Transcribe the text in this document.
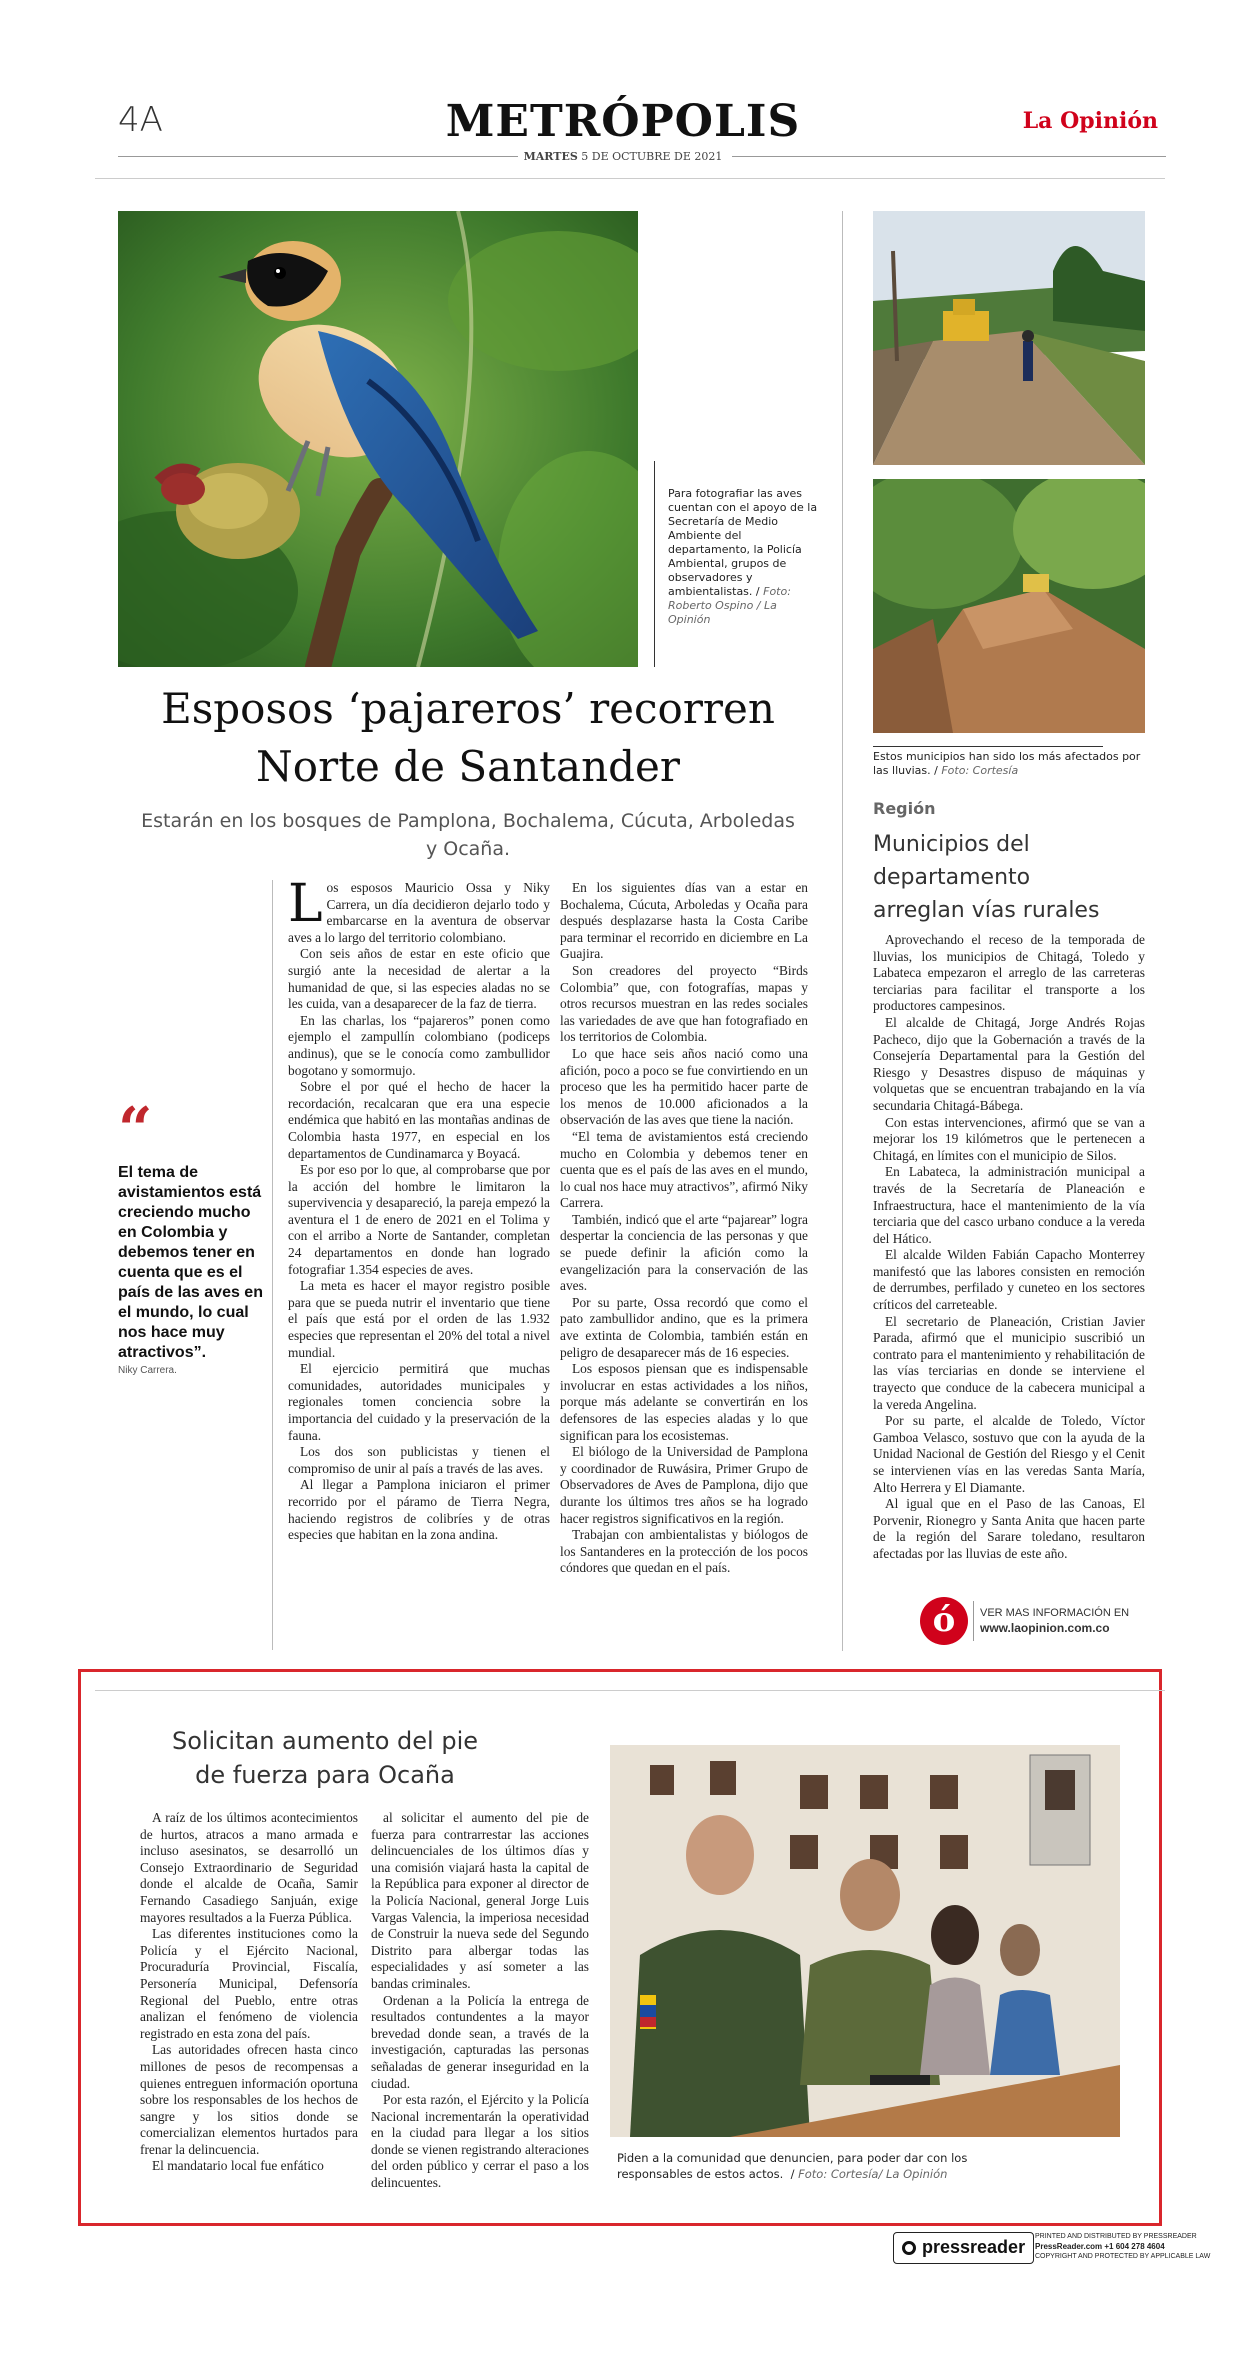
4A	METRÓPOLIS	La Opinión
MARTES 5 DE OCTUBRE DE 2021
Para fotografiar las aves cuentan con el apoyo de la Secretaría de Medio Ambiente del departamento, la Policía Ambiental, grupos de observadores y ambientalistas. / Foto: Roberto Ospino / La Opinión
Esposos ‘pajareros’ recorren
Norte de Santander
Estarán en los bosques de Pamplona, Bochalema, Cúcuta, Arboledas
y Ocaña.
“
El tema de avistamientos está creciendo mucho en Colombia y debemos tener en cuenta que es el país de las aves en el mundo, lo cual nos hace muy atractivos”.
Niky Carrera.

Los esposos Mauricio Ossa y Niky Carrera, un día decidieron dejarlo todo y embarcarse en la aventura de observar aves a lo largo del territorio colombiano.

Con seis años de estar en este oficio que surgió ante la necesidad de alertar a la humanidad de que, si las especies aladas no se les cuida, van a desaparecer de la faz de tierra.

En las charlas, los “pajareros” ponen como ejemplo el zampullín colombiano (podiceps andinus), que se le conocía como zambullidor bogotano y somormujo.

Sobre el por qué el hecho de hacer la recordación, recalcaran que era una especie endémica que habitó en las montañas andinas de Colombia hasta 1977, en especial en los departamentos de Cundinamarca y Boyacá.

Es por eso por lo que, al comprobarse que por la acción del hombre le limitaron la supervivencia y desapareció, la pareja empezó la aventura el 1 de enero de 2021 en el Tolima y con el arribo a Norte de Santander, completan 24 departamentos en donde han logrado fotografiar 1.354 especies de aves.

La meta es hacer el mayor registro posible para que se pueda nutrir el inventario que tiene el país que está por el orden de las 1.932 especies que representan el 20% del total a nivel mundial.

El ejercicio permitirá que muchas comunidades, autoridades municipales y regionales tomen conciencia sobre la importancia del cuidado y la preservación de la fauna.

Los dos son publicistas y tienen el compromiso de unir al país a través de las aves.

Al llegar a Pamplona iniciaron el primer recorrido por el páramo de Tierra Negra, haciendo registros de colibríes y de otras especies que habitan en la zona andina.

En los siguientes días van a estar en Bochalema, Cúcuta, Arboledas y Ocaña para después desplazarse hasta la Costa Caribe para terminar el recorrido en diciembre en La Guajira.

Son creadores del proyecto “Birds Colombia” que, con fotografías, mapas y otros recursos muestran en las redes sociales las variedades de ave que han fotografiado en los territorios de Colombia.

Lo que hace seis años nació como una afición, poco a poco se fue convirtiendo en un proceso que les ha permitido hacer parte de los menos de 10.000 aficionados a la observación de las aves que tiene la nación.

“El tema de avistamientos está creciendo mucho en Colombia y debemos tener en cuenta que es el país de las aves en el mundo, lo cual nos hace muy atractivos”, afirmó Niky Carrera.

También, indicó que el arte “pajarear” logra despertar la conciencia de las personas y que se puede definir la afición como la evangelización para la conservación de las aves.

Por su parte, Ossa recordó que como el pato zambullidor andino, que es la primera ave extinta de Colombia, también están en peligro de desaparecer más de 16 especies.

Los esposos piensan que es indispensable involucrar en estas actividades a los niños, porque más adelante se convertirán en los defensores de las especies aladas y lo que significan para los ecosistemas.

El biólogo de la Universidad de Pamplona y coordinador de Ruwásira, Primer Grupo de Observadores de Aves de Pamplona, dijo que durante los últimos tres años se ha logrado hacer registros significativos en la región.

Trabajan con ambientalistas y biólogos de los Santanderes en la protección de los pocos cóndores que quedan en el país.

Estos municipios han sido los más afectados por las lluvias. / Foto: Cortesía
Región
Municipios del
departamento
arreglan vías rurales

Aprovechando el receso de la temporada de lluvias, los municipios de Chitagá, Toledo y Labateca empezaron el arreglo de las carreteras terciarias para facilitar el transporte a los productores campesinos.

El alcalde de Chitagá, Jorge Andrés Rojas Pacheco, dijo que la Gobernación a través de la Consejería Departamental para la Gestión del Riesgo y Desastres dispuso de máquinas y volquetas que se encuentran trabajando en la vía secundaria Chitagá-Bábega.

Con estas intervenciones, afirmó que se van a mejorar los 19 kilómetros que le pertenecen a Chitagá, en límites con el municipio de Silos.

En Labateca, la administración municipal a través de la Secretaría de Planeación e Infraestructura, hace el mantenimiento de la vía terciaria que del casco urbano conduce a la vereda del Hático.

El alcalde Wilden Fabián Capacho Monterrey manifestó que las labores consisten en remoción de derrumbes, perfilado y cuneteo en los sectores críticos del carreteable.

El secretario de Planeación, Cristian Javier Parada, afirmó que el municipio suscribió un contrato para el mantenimiento y rehabilitación de las vías terciarias en donde se interviene el trayecto que conduce de la cabecera municipal a la vereda Angelina.

Por su parte, el alcalde de Toledo, Víctor Gamboa Velasco, sostuvo que con la ayuda de la Unidad Nacional de Gestión del Riesgo y el Cenit se intervienen vías en las veredas Santa María, Alto Herrera y El Diamante.

Al igual que en el Paso de las Canoas, El Porvenir, Rionegro y Santa Anita que hacen parte de la región del Sarare toledano, resultaron afectadas por las lluvias de este año.

ó	VER MAS INFORMACIÓN EN
www.laopinion.com.co
Solicitan aumento del pie
de fuerza para Ocaña

A raíz de los últimos acontecimientos de hurtos, atracos a mano armada e incluso asesinatos, se desarrolló un Consejo Extraordinario de Seguridad donde el alcalde de Ocaña, Samir Fernando Casadiego Sanjuán, exige mayores resultados a la Fuerza Pública.

Las diferentes instituciones como la Policía y el Ejército Nacional, Procuraduría Provincial, Fiscalía, Personería Municipal, Defensoría Regional del Pueblo, entre otras analizan el fenómeno de violencia registrado en esta zona del país.

Las autoridades ofrecen hasta cinco millones de pesos de recompensas a quienes entreguen información oportuna sobre los responsables de los hechos de sangre y los sitios donde se comercializan elementos hurtados para frenar la delincuencia.

El mandatario local fue enfático

al solicitar el aumento del pie de fuerza para contrarrestar las acciones delincuenciales de los últimos días y una comisión viajará hasta la capital de la República para exponer al director de la Policía Nacional, general Jorge Luis Vargas Valencia, la imperiosa necesidad de Construir la nueva sede del Segundo Distrito para albergar todas las especialidades y así someter a las bandas criminales.

Ordenan a la Policía la entrega de resultados contundentes a la mayor brevedad donde sean, a través de la investigación, capturadas las personas señaladas de generar inseguridad en la ciudad.

Por esta razón, el Ejército y la Policía Nacional incrementarán la operatividad en la ciudad para llegar a los sitios donde se vienen registrando alteraciones del orden público y cerrar el paso a los delincuentes.

Piden a la comunidad que denuncien, para poder dar con los
responsables de estos actos.  / Foto: Cortesía/ La Opinión
pressreader
PRINTED AND DISTRIBUTED BY PRESSREADER
PressReader.com +1 604 278 4604
COPYRIGHT AND PROTECTED BY APPLICABLE LAW
